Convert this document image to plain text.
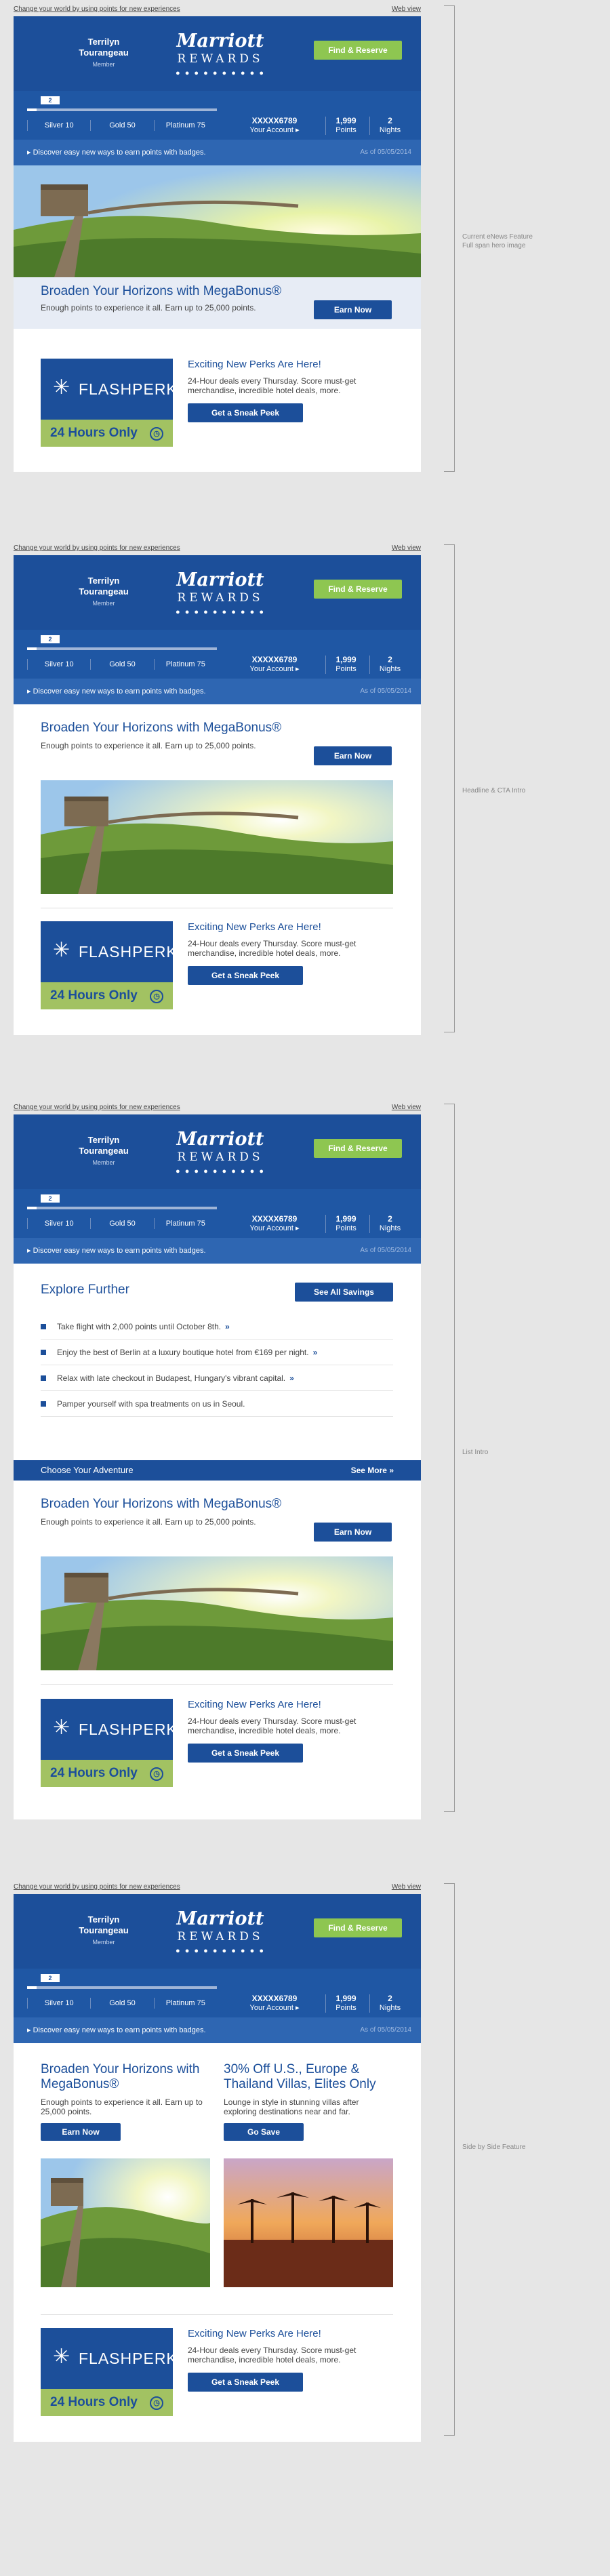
Change your world by using points for new experiences	Web view
Terrilyn Tourangeau
Member
Marriott
REWARDS
● ● ● ● ● ● ● ● ● ●
Find & Reserve
2
Silver 10	Gold 50	Platinum 75	XXXXX6789
Your Account ▸
1,999
Points
2
Nights
▸ Discover easy new ways to earn points with badges.	As of 05/05/2014
Broaden Your Horizons with MegaBonus®
Enough points to experience it all. Earn up to 25,000 points.	Earn Now
✳ FLASHPERKS
24 Hours Only	◷
Exciting New Perks Are Here!
24-Hour deals every Thursday. Score must-get merchandise, incredible hotel deals, more.
Get a Sneak Peek
Current eNews Feature
Full span hero image
Change your world by using points for new experiences	Web view
Terrilyn Tourangeau
Member
Marriott
REWARDS
● ● ● ● ● ● ● ● ● ●
Find & Reserve
2
Silver 10	Gold 50	Platinum 75	XXXXX6789
Your Account ▸
1,999
Points
2
Nights
▸ Discover easy new ways to earn points with badges.	As of 05/05/2014
Broaden Your Horizons with MegaBonus®
Enough points to experience it all. Earn up to 25,000 points.
Earn Now
✳ FLASHPERKS
24 Hours Only	◷
Exciting New Perks Are Here!
24-Hour deals every Thursday. Score must-get merchandise, incredible hotel deals, more.
Get a Sneak Peek
Headline & CTA Intro
Change your world by using points for new experiences	Web view
Terrilyn Tourangeau
Member
Marriott
REWARDS
● ● ● ● ● ● ● ● ● ●
Find & Reserve
2
Silver 10	Gold 50	Platinum 75	XXXXX6789
Your Account ▸
1,999
Points
2
Nights
▸ Discover easy new ways to earn points with badges.	As of 05/05/2014
Explore Further	See All Savings
Take flight with 2,000 points until October 8th. »
Enjoy the best of Berlin at a luxury boutique hotel from €169 per night. »
Relax with late checkout in Budapest, Hungary's vibrant capital. »
Pamper yourself with spa treatments on us in Seoul.
Choose Your Adventure	See More »
Broaden Your Horizons with MegaBonus®
Enough points to experience it all. Earn up to 25,000 points.
Earn Now
✳ FLASHPERKS
24 Hours Only	◷
Exciting New Perks Are Here!
24-Hour deals every Thursday. Score must-get merchandise, incredible hotel deals, more.
Get a Sneak Peek
List Intro
Change your world by using points for new experiences	Web view
Terrilyn Tourangeau
Member
Marriott
REWARDS
● ● ● ● ● ● ● ● ● ●
Find & Reserve
2
Silver 10	Gold 50	Platinum 75	XXXXX6789
Your Account ▸
1,999
Points
2
Nights
▸ Discover easy new ways to earn points with badges.	As of 05/05/2014
Broaden Your Horizons with MegaBonus®
Enough points to experience it all. Earn up to 25,000 points.
Earn Now
30% Off U.S., Europe & Thailand Villas, Elites Only
Lounge in style in stunning villas after exploring destinations near and far.
Go Save
✳ FLASHPERKS
24 Hours Only	◷
Exciting New Perks Are Here!
24-Hour deals every Thursday. Score must-get merchandise, incredible hotel deals, more.
Get a Sneak Peek
Side by Side Feature
